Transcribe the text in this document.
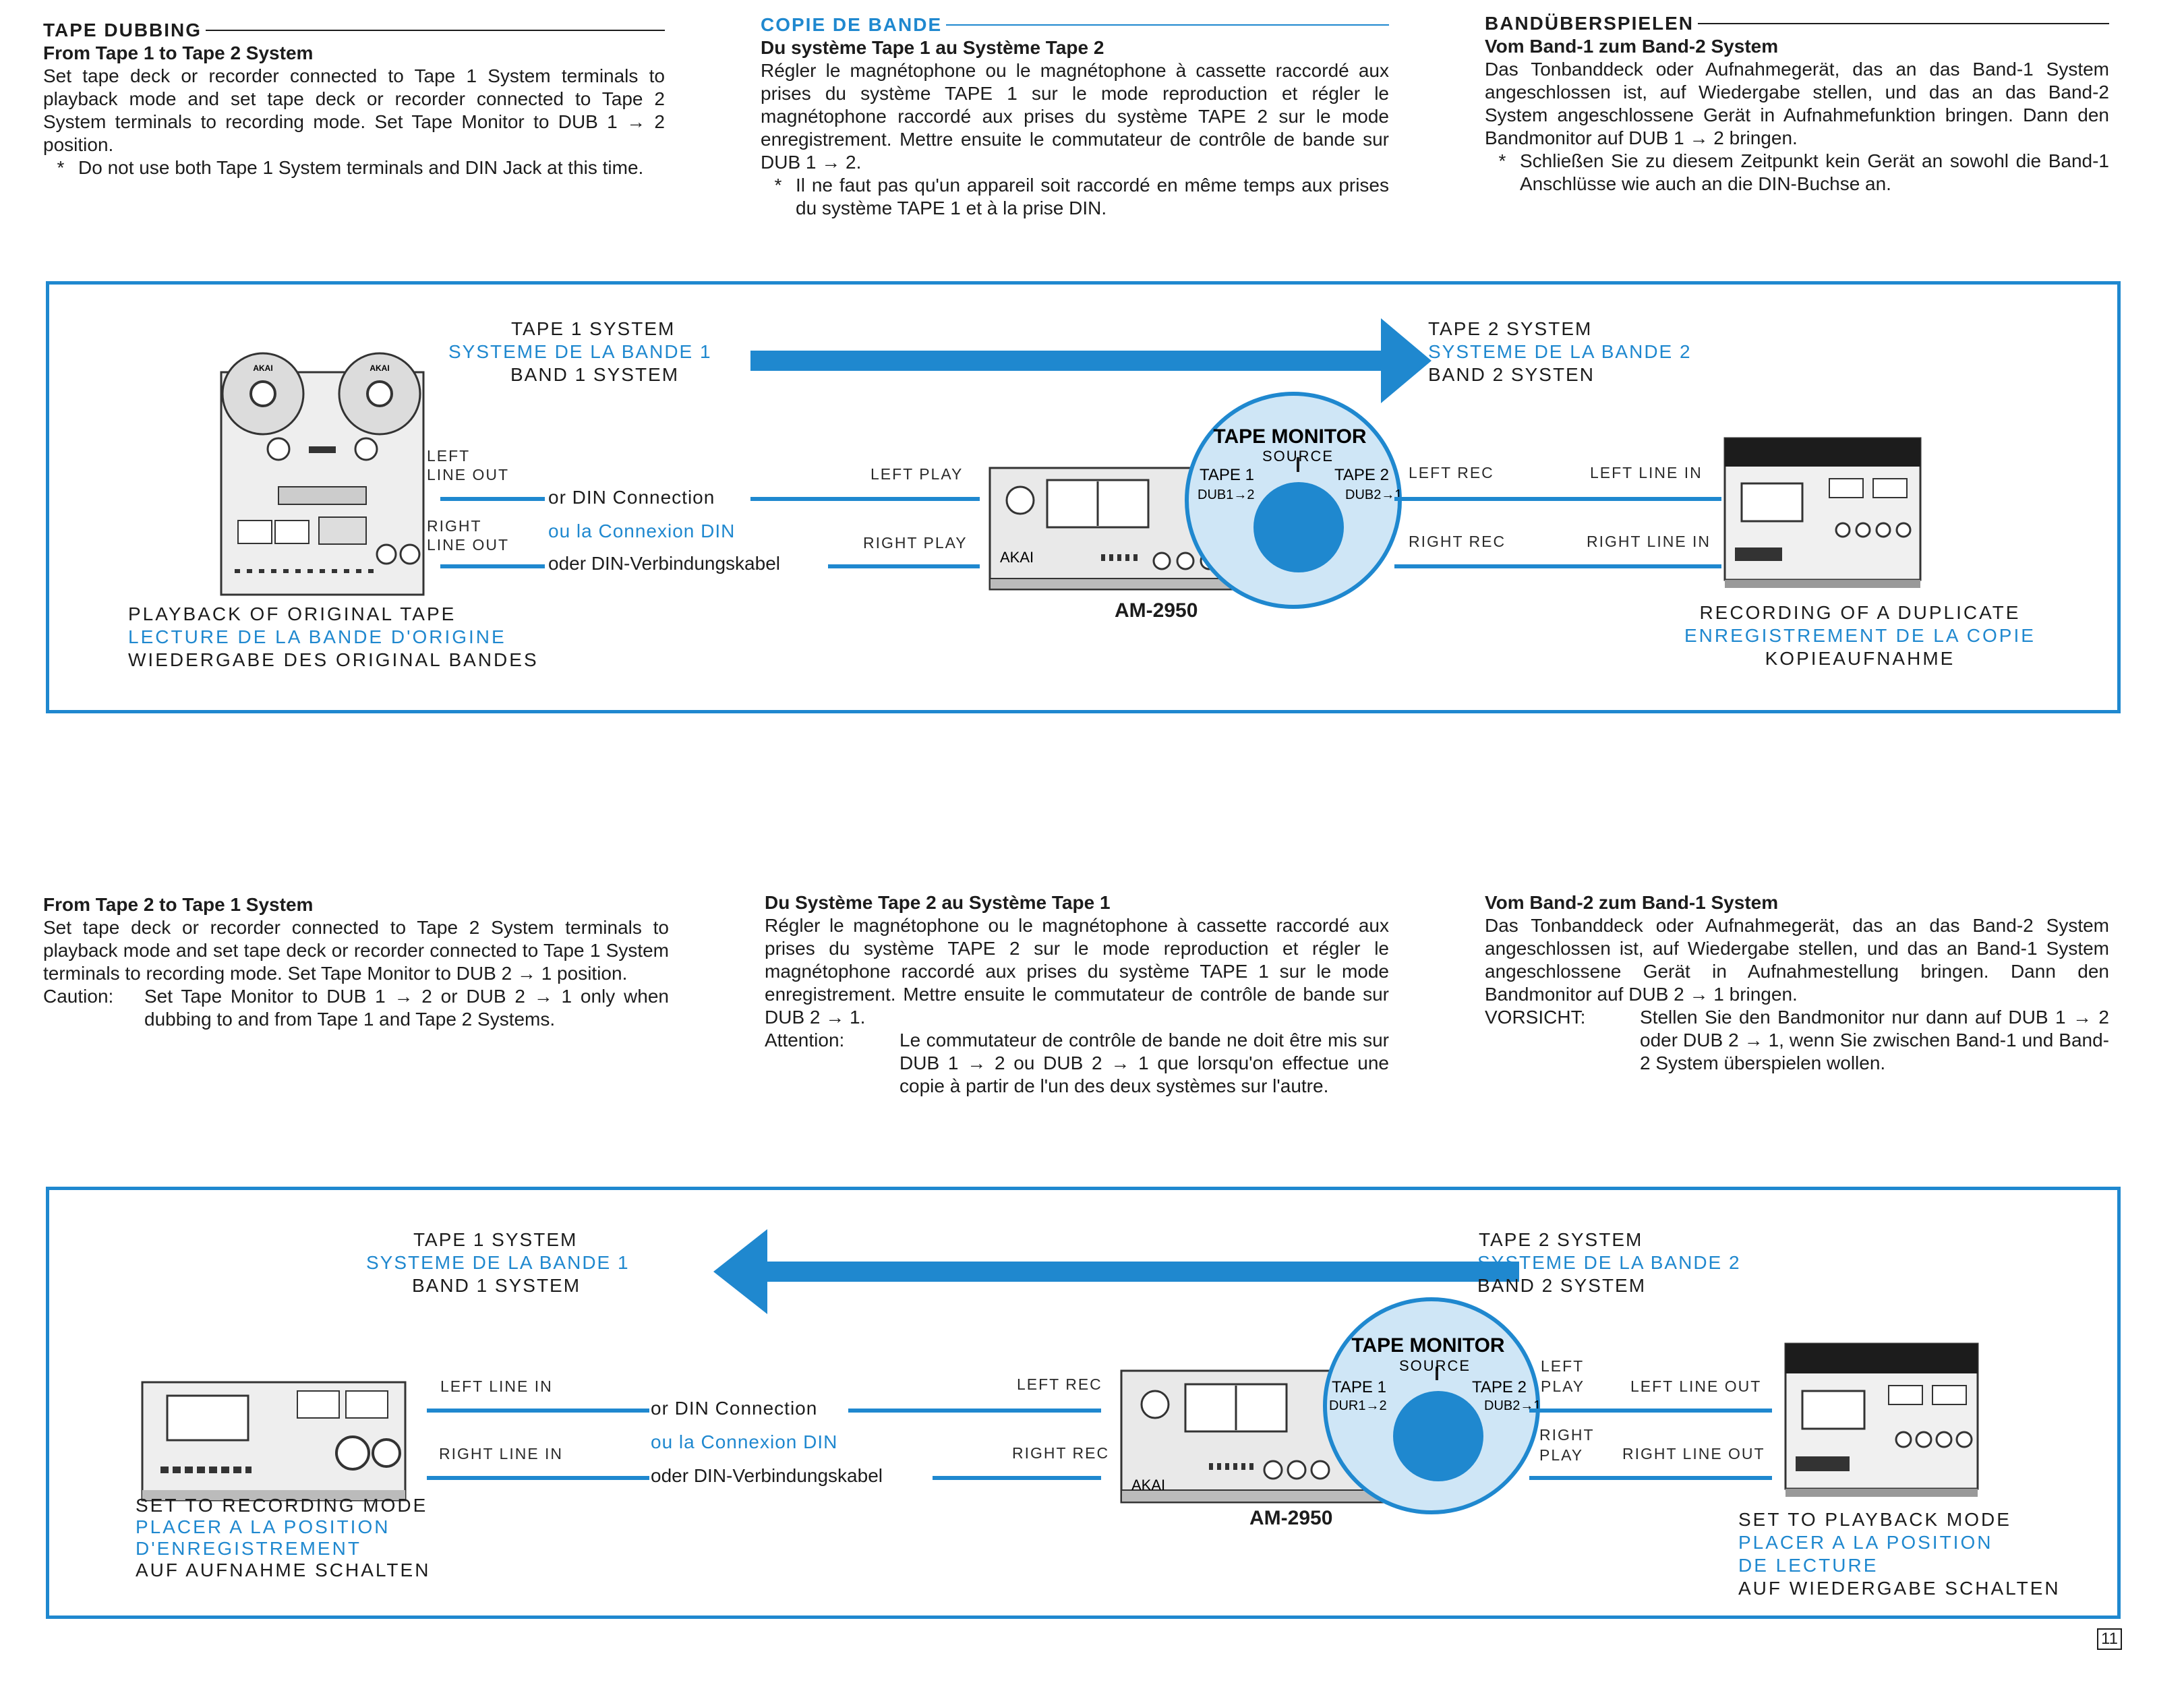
TAPE DUBBING
From Tape 1 to Tape 2 System
Set tape deck or recorder connected to Tape 1 System terminals to playback mode and set tape deck or recorder connected to Tape 2 System terminals to recording mode. Set Tape Monitor to DUB 1 → 2 position.
* Do not use both Tape 1 System terminals and DIN Jack at this time.
COPIE DE BANDE
Du système Tape 1 au Système Tape 2
Régler le magnétophone ou le magnétophone à cassette raccordé aux prises du système TAPE 1 sur le mode reproduction et régler le magnétophone raccordé aux prises du système TAPE 2 sur le mode enregistrement. Mettre ensuite le commutateur de contrôle de bande sur DUB 1 → 2.
* Il ne faut pas qu'un appareil soit raccordé en même temps aux prises du système TAPE 1 et à la prise DIN.
BANDÜBERSPIELEN
Vom Band-1 zum Band-2 System
Das Tonbanddeck oder Aufnahmegerät, das an das Band-1 System angeschlossen ist, auf Wiedergabe stellen, und das an das Band-2 System angeschlossene Gerät in Aufnahmefunktion bringen. Dann den Bandmonitor auf DUB 1 → 2 bringen.
* Schließen Sie zu diesem Zeitpunkt kein Gerät an sowohl die Band-1 Anschlüsse wie auch an die DIN-Buchse an.
AKAI	AKAI
AKAI
TAPE MONITOR
SOURCE
TAPE 1	TAPE 2
DUB1→2	DUB2→1
TAPE 1 SYSTEM
SYSTEME DE LA BANDE 1
BAND 1 SYSTEM
TAPE 2 SYSTEM
SYSTEME DE LA BANDE 2
BAND 2 SYSTEN
LEFT
LINE OUT
RIGHT
LINE OUT
or DIN Connection
ou la Connexion DIN
oder DIN-Verbindungskabel
LEFT PLAY
RIGHT PLAY
LEFT REC
RIGHT REC
LEFT LINE IN
RIGHT LINE IN
AM-2950
PLAYBACK OF ORIGINAL TAPE
LECTURE DE LA BANDE D'ORIGINE
WIEDERGABE DES ORIGINAL BANDES
RECORDING OF A DUPLICATE
ENREGISTREMENT DE LA COPIE
KOPIEAUFNAHME
From Tape 2 to Tape 1 System
Set tape deck or recorder connected to Tape 2 System terminals to playback mode and set tape deck or recorder connected to Tape 1 System terminals to recording mode. Set Tape Monitor to DUB 2 → 1 position.
Caution:	Set Tape Monitor to DUB 1 → 2 or DUB 2 → 1 only when dubbing to and from Tape 1 and Tape 2 Systems.
Du Système Tape 2 au Système Tape 1
Régler le magnétophone ou le magnétophone à cassette raccordé aux prises du système TAPE 2 sur le mode reproduction et régler le magnétophone raccordé aux prises du système TAPE 1 sur le mode enregistrement. Mettre ensuite le commutateur de contrôle de bande sur DUB 2 → 1.
Attention:	Le commutateur de contrôle de bande ne doit être mis sur DUB 1 → 2 ou DUB 2 → 1 que lorsqu'on effectue une copie à partir de l'un des deux systèmes sur l'autre.
Vom Band-2 zum Band-1 System
Das Tonbanddeck oder Aufnahmegerät, das an das Band-2 System angeschlossen ist, auf Wiedergabe stellen, und das an Band-1 System angeschlossene Gerät in Aufnahmestellung bringen. Dann den Bandmonitor auf DUB 2 → 1 bringen.
VORSICHT:	Stellen Sie den Bandmonitor nur dann auf DUB 1 → 2 oder DUB 2 → 1, wenn Sie zwischen Band-1 und Band-2 System überspielen wollen.
AKAI
TAPE MONITOR
SOURCE
TAPE 1	TAPE 2
DUR1→2	DUB2→1
TAPE 1 SYSTEM
SYSTEME DE LA BANDE 1
BAND 1 SYSTEM
TAPE 2 SYSTEM
SYSTEME DE LA BANDE 2
BAND 2 SYSTEM
LEFT LINE IN
RIGHT LINE IN
or DIN Connection
ou la Connexion DIN
oder DIN-Verbindungskabel
LEFT REC
RIGHT REC
LEFT
PLAY
RIGHT
PLAY
LEFT LINE OUT
RIGHT LINE OUT
AM-2950
SET TO RECORDING MODE
PLACER A LA POSITION
D'ENREGISTREMENT
AUF AUFNAHME SCHALTEN
SET TO PLAYBACK MODE
PLACER A LA POSITION
DE LECTURE
AUF WIEDERGABE SCHALTEN
11
